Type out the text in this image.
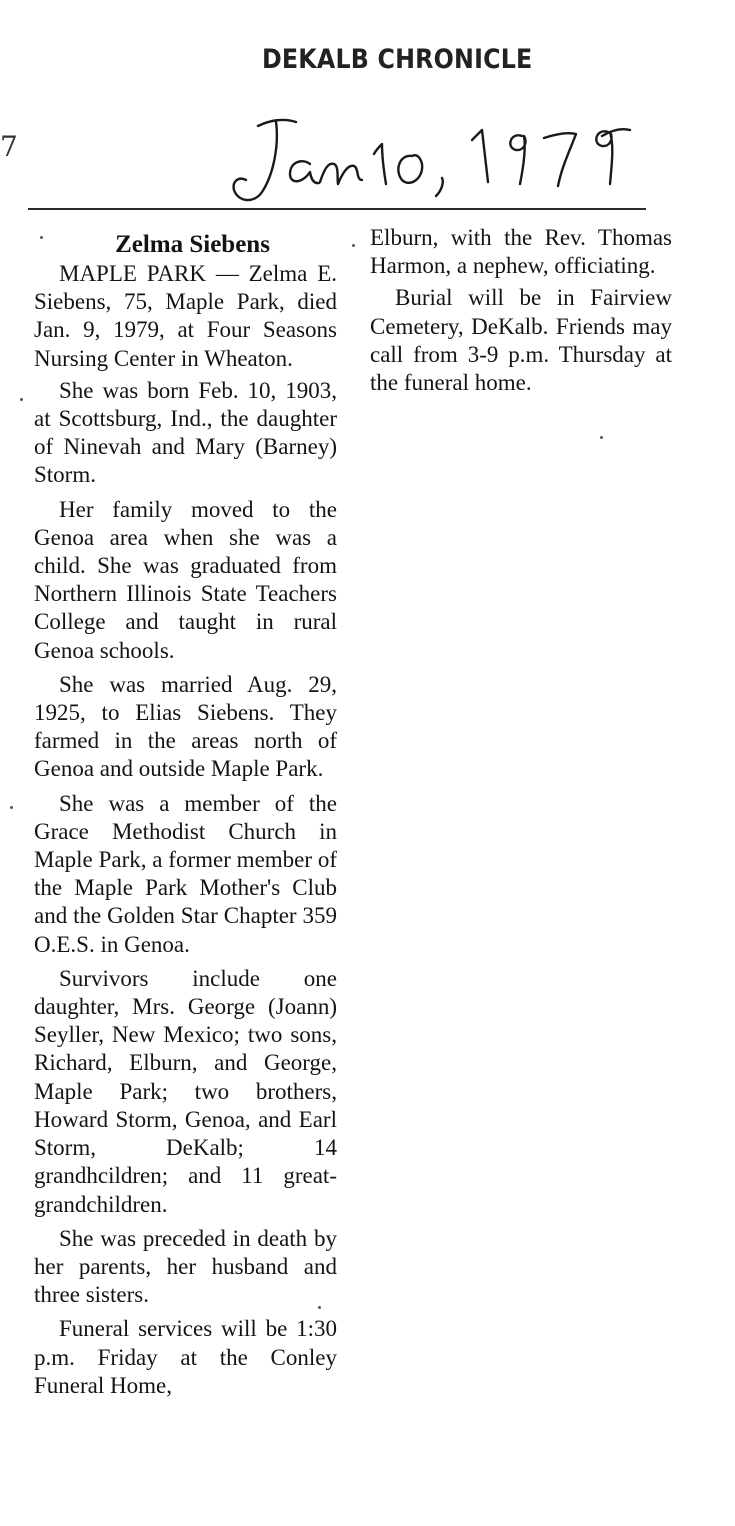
DEKALB CHRONICLE
7
Zelma Siebens

MAPLE PARK — Zelma E. Siebens, 75, Maple Park, died Jan. 9, 1979, at Four Seasons Nursing Center in Wheaton.

She was born Feb. 10, 1903, at Scottsburg, Ind., the daughter of Ninevah and Mary (Barney) Storm.

Her family moved to the Genoa area when she was a child. She was graduated from Northern Illinois State Teachers College and taught in rural Genoa schools.

She was married Aug. 29, 1925, to Elias Siebens. They farmed in the areas north of Genoa and outside Maple Park.

She was a member of the Grace Methodist Church in Maple Park, a former member of the Maple Park Mother's Club and the Golden Star Chapter 359 O.E.S. in Genoa.

Survivors include one daughter, Mrs. George (Joann) Seyller, New Mexico; two sons, Richard, Elburn, and George, Maple Park; two brothers, Howard Storm, Genoa, and Earl Storm, DeKalb; 14 grandhcildren; and 11 great-grandchildren.

She was preceded in death by her parents, her husband and three sisters.

Funeral services will be 1:30 p.m. Friday at the Conley Funeral Home,

Elburn, with the Rev. Thomas Harmon, a nephew, officiating.

Burial will be in Fairview Cemetery, DeKalb. Friends may call from 3-9 p.m. Thursday at the funeral home.
